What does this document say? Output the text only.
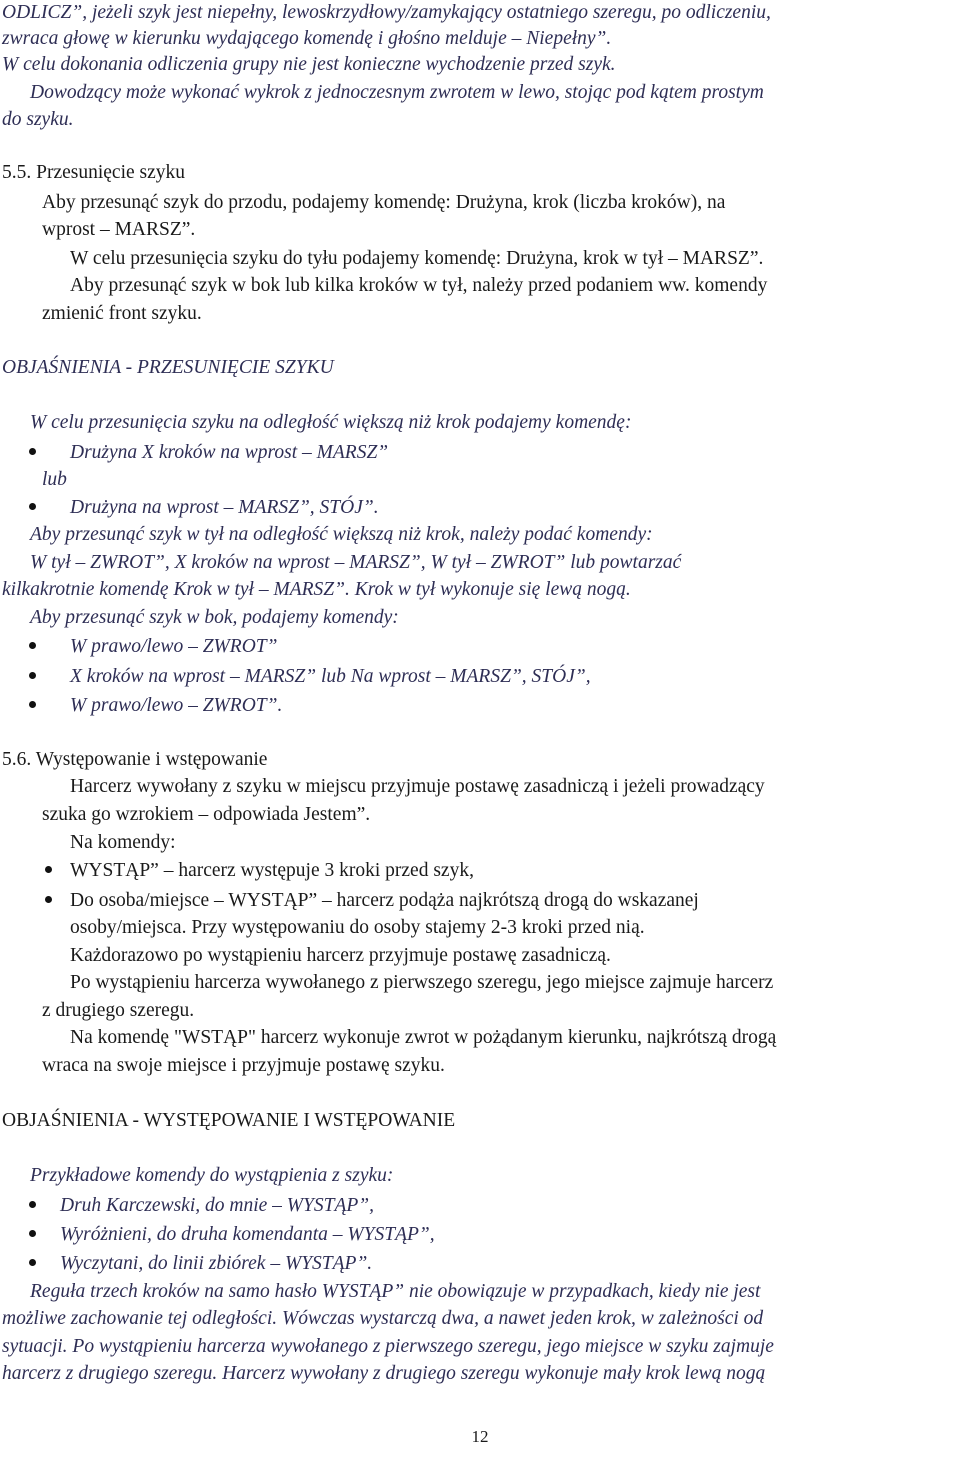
ODLICZ”, jeżeli szyk jest niepełny, lewoskrzydłowy/zamykający ostatniego szeregu, po odliczeniu,
zwraca głowę w kierunku wydającego komendę i głośno melduje – Niepełny”.
W celu dokonania odliczenia grupy nie jest konieczne wychodzenie przed szyk.
Dowodzący może wykonać wykrok z jednoczesnym zwrotem w lewo, stojąc pod kątem prostym
do szyku.
5.5. Przesunięcie szyku
Aby przesunąć szyk do przodu, podajemy komendę: Drużyna, krok (liczba kroków), na
wprost – MARSZ”.
W celu przesunięcia szyku do tyłu podajemy komendę: Drużyna, krok w tył – MARSZ”.
Aby przesunąć szyk w bok lub kilka kroków w tył, należy przed podaniem ww. komendy
zmienić front szyku.
OBJAŚNIENIA - PRZESUNIĘCIE SZYKU
W celu przesunięcia szyku na odległość większą niż krok podajemy komendę:
Drużyna X kroków na wprost – MARSZ”
lub
Drużyna na wprost – MARSZ”, STÓJ”.
Aby przesunąć szyk w tył na odległość większą niż krok, należy podać komendy:
W tył – ZWROT”, X kroków na wprost – MARSZ”, W tył – ZWROT” lub powtarzać
kilkakrotnie komendę Krok w tył – MARSZ”. Krok w tył wykonuje się lewą nogą.
Aby przesunąć szyk w bok, podajemy komendy:
W prawo/lewo – ZWROT”
X kroków na wprost – MARSZ” lub Na wprost – MARSZ”, STÓJ”,
W prawo/lewo – ZWROT”.
5.6. Występowanie i wstępowanie
Harcerz wywołany z szyku w miejscu przyjmuje postawę zasadniczą i jeżeli prowadzący
szuka go wzrokiem – odpowiada Jestem”.
Na komendy:
WYSTĄP” – harcerz występuje 3 kroki przed szyk,
Do osoba/miejsce – WYSTĄP” – harcerz podąża najkrótszą drogą do wskazanej
osoby/miejsca. Przy występowaniu do osoby stajemy 2-3 kroki przed nią.
Każdorazowo po wystąpieniu harcerz przyjmuje postawę zasadniczą.
Po wystąpieniu harcerza wywołanego z pierwszego szeregu, jego miejsce zajmuje harcerz
z drugiego szeregu.
Na komendę "WSTĄP" harcerz wykonuje zwrot w pożądanym kierunku, najkrótszą drogą
wraca na swoje miejsce i przyjmuje postawę szyku.
OBJAŚNIENIA - WYSTĘPOWANIE I WSTĘPOWANIE
Przykładowe komendy do wystąpienia z szyku:
Druh Karczewski, do mnie – WYSTĄP”,
Wyróżnieni, do druha komendanta – WYSTĄP”,
Wyczytani, do linii zbiórek – WYSTĄP”.
Reguła trzech kroków na samo hasło WYSTĄP” nie obowiązuje w przypadkach, kiedy nie jest
możliwe zachowanie tej odległości. Wówczas wystarczą dwa, a nawet jeden krok, w zależności od
sytuacji. Po wystąpieniu harcerza wywołanego z pierwszego szeregu, jego miejsce w szyku zajmuje
harcerz z drugiego szeregu. Harcerz wywołany z drugiego szeregu wykonuje mały krok lewą nogą
12
